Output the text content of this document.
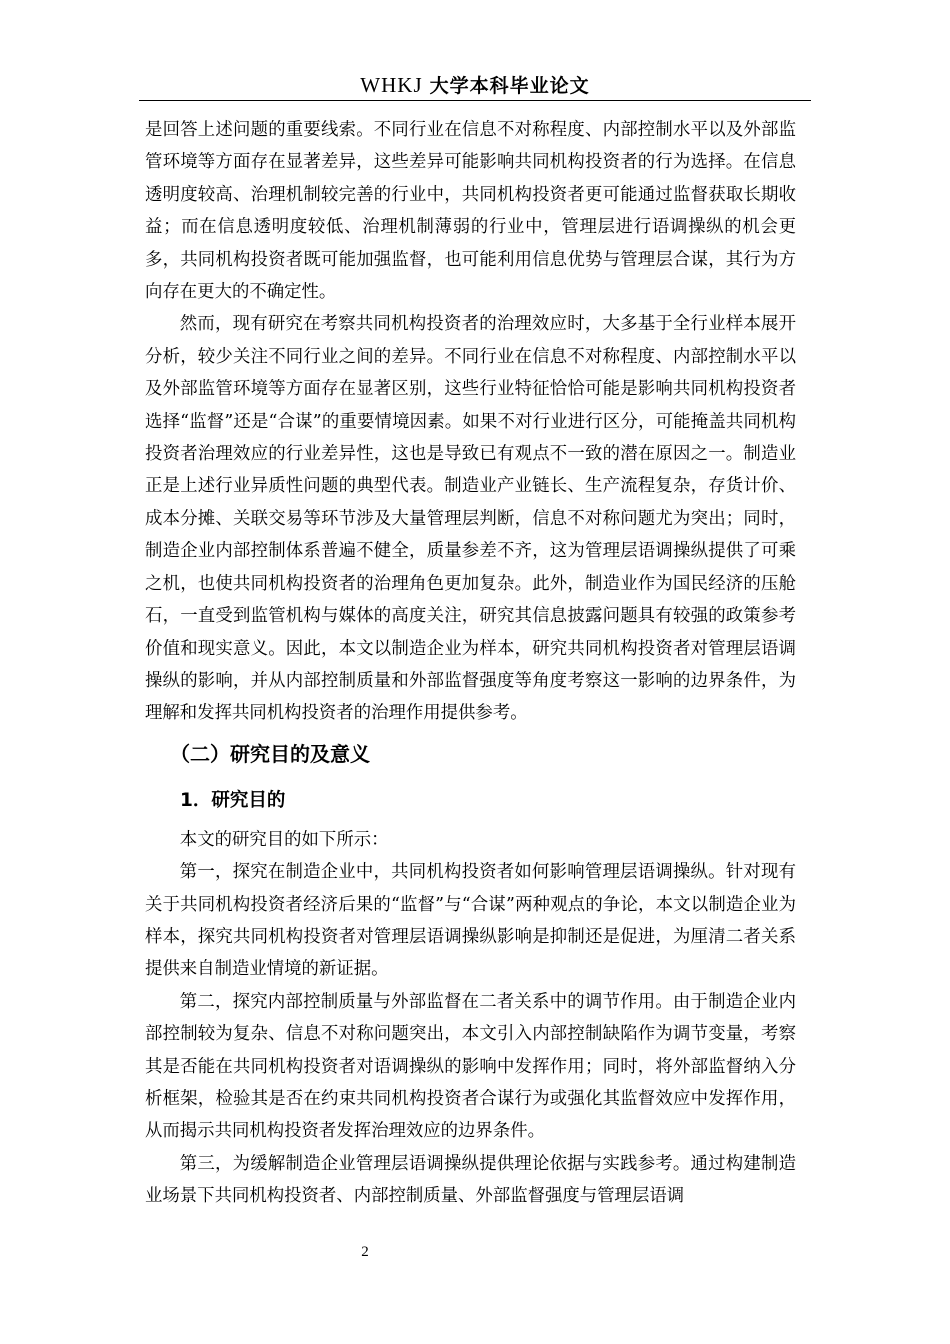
WHKJ 大学本科毕业论文

是回答上述问题的重要线索。不同行业在信息不对称程度、内部控制水平以及外部监管环境等方面存在显著差异，这些差异可能影响共同机构投资者的行为选择。在信息透明度较高、治理机制较完善的行业中，共同机构投资者更可能通过监督获取长期收益；而在信息透明度较低、治理机制薄弱的行业中，管理层进行语调操纵的机会更多，共同机构投资者既可能加强监督，也可能利用信息优势与管理层合谋，其行为方向存在更大的不确定性。

然而，现有研究在考察共同机构投资者的治理效应时，大多基于全行业样本展开分析，较少关注不同行业之间的差异。不同行业在信息不对称程度、内部控制水平以及外部监管环境等方面存在显著区别，这些行业特征恰恰可能是影响共同机构投资者选择“监督”还是“合谋”的重要情境因素。如果不对行业进行区分，可能掩盖共同机构投资者治理效应的行业差异性，这也是导致已有观点不一致的潜在原因之一。制造业正是上述行业异质性问题的典型代表。制造业产业链长、生产流程复杂，存货计价、成本分摊、关联交易等环节涉及大量管理层判断，信息不对称问题尤为突出；同时，制造企业内部控制体系普遍不健全，质量参差不齐，这为管理层语调操纵提供了可乘之机，也使共同机构投资者的治理角色更加复杂。此外，制造业作为国民经济的压舱石，一直受到监管机构与媒体的高度关注，研究其信息披露问题具有较强的政策参考价值和现实意义。因此，本文以制造企业为样本，研究共同机构投资者对管理层语调操纵的影响，并从内部控制质量和外部监督强度等角度考察这一影响的边界条件，为理解和发挥共同机构投资者的治理作用提供参考。

（二）研究目的及意义
1．研究目的

本文的研究目的如下所示：

第一，探究在制造企业中，共同机构投资者如何影响管理层语调操纵。针对现有关于共同机构投资者经济后果的“监督”与“合谋”两种观点的争论，本文以制造企业为样本，探究共同机构投资者对管理层语调操纵影响是抑制还是促进，为厘清二者关系提供来自制造业情境的新证据。

第二，探究内部控制质量与外部监督在二者关系中的调节作用。由于制造企业内部控制较为复杂、信息不对称问题突出，本文引入内部控制缺陷作为调节变量，考察其是否能在共同机构投资者对语调操纵的影响中发挥作用；同时，将外部监督纳入分析框架，检验其是否在约束共同机构投资者合谋行为或强化其监督效应中发挥作用，从而揭示共同机构投资者发挥治理效应的边界条件。

第三，为缓解制造企业管理层语调操纵提供理论依据与实践参考。通过构建制造业场景下共同机构投资者、内部控制质量、外部监督强度与管理层语调

2
